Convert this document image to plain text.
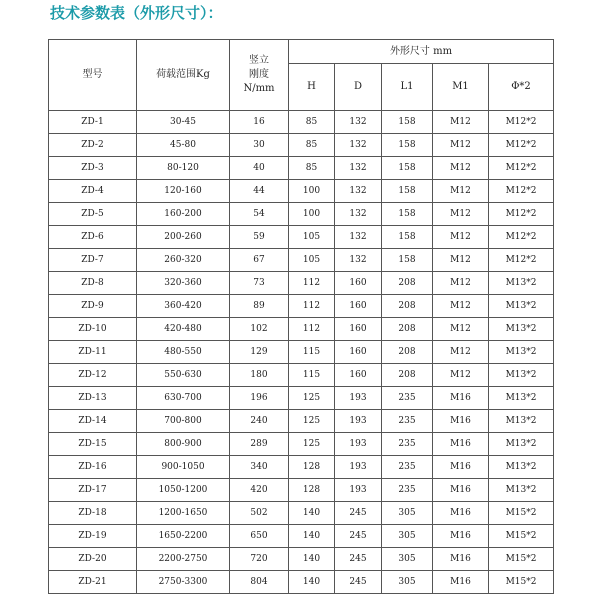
技术参数表（外形尺寸）：
型号	荷载范围Kg	竖立
刚度
N/mm	外形尺寸 mm				
			H	D	L1	M1	Φ*2
ZD-1	30-45	16	85	132	158	M12	M12*2
ZD-2	45-80	30	85	132	158	M12	M12*2
ZD-3	80-120	40	85	132	158	M12	M12*2
ZD-4	120-160	44	100	132	158	M12	M12*2
ZD-5	160-200	54	100	132	158	M12	M12*2
ZD-6	200-260	59	105	132	158	M12	M12*2
ZD-7	260-320	67	105	132	158	M12	M12*2
ZD-8	320-360	73	112	160	208	M12	M13*2
ZD-9	360-420	89	112	160	208	M12	M13*2
ZD-10	420-480	102	112	160	208	M12	M13*2
ZD-11	480-550	129	115	160	208	M12	M13*2
ZD-12	550-630	180	115	160	208	M12	M13*2
ZD-13	630-700	196	125	193	235	M16	M13*2
ZD-14	700-800	240	125	193	235	M16	M13*2
ZD-15	800-900	289	125	193	235	M16	M13*2
ZD-16	900-1050	340	128	193	235	M16	M13*2
ZD-17	1050-1200	420	128	193	235	M16	M13*2
ZD-18	1200-1650	502	140	245	305	M16	M15*2
ZD-19	1650-2200	650	140	245	305	M16	M15*2
ZD-20	2200-2750	720	140	245	305	M16	M15*2
ZD-21	2750-3300	804	140	245	305	M16	M15*2
